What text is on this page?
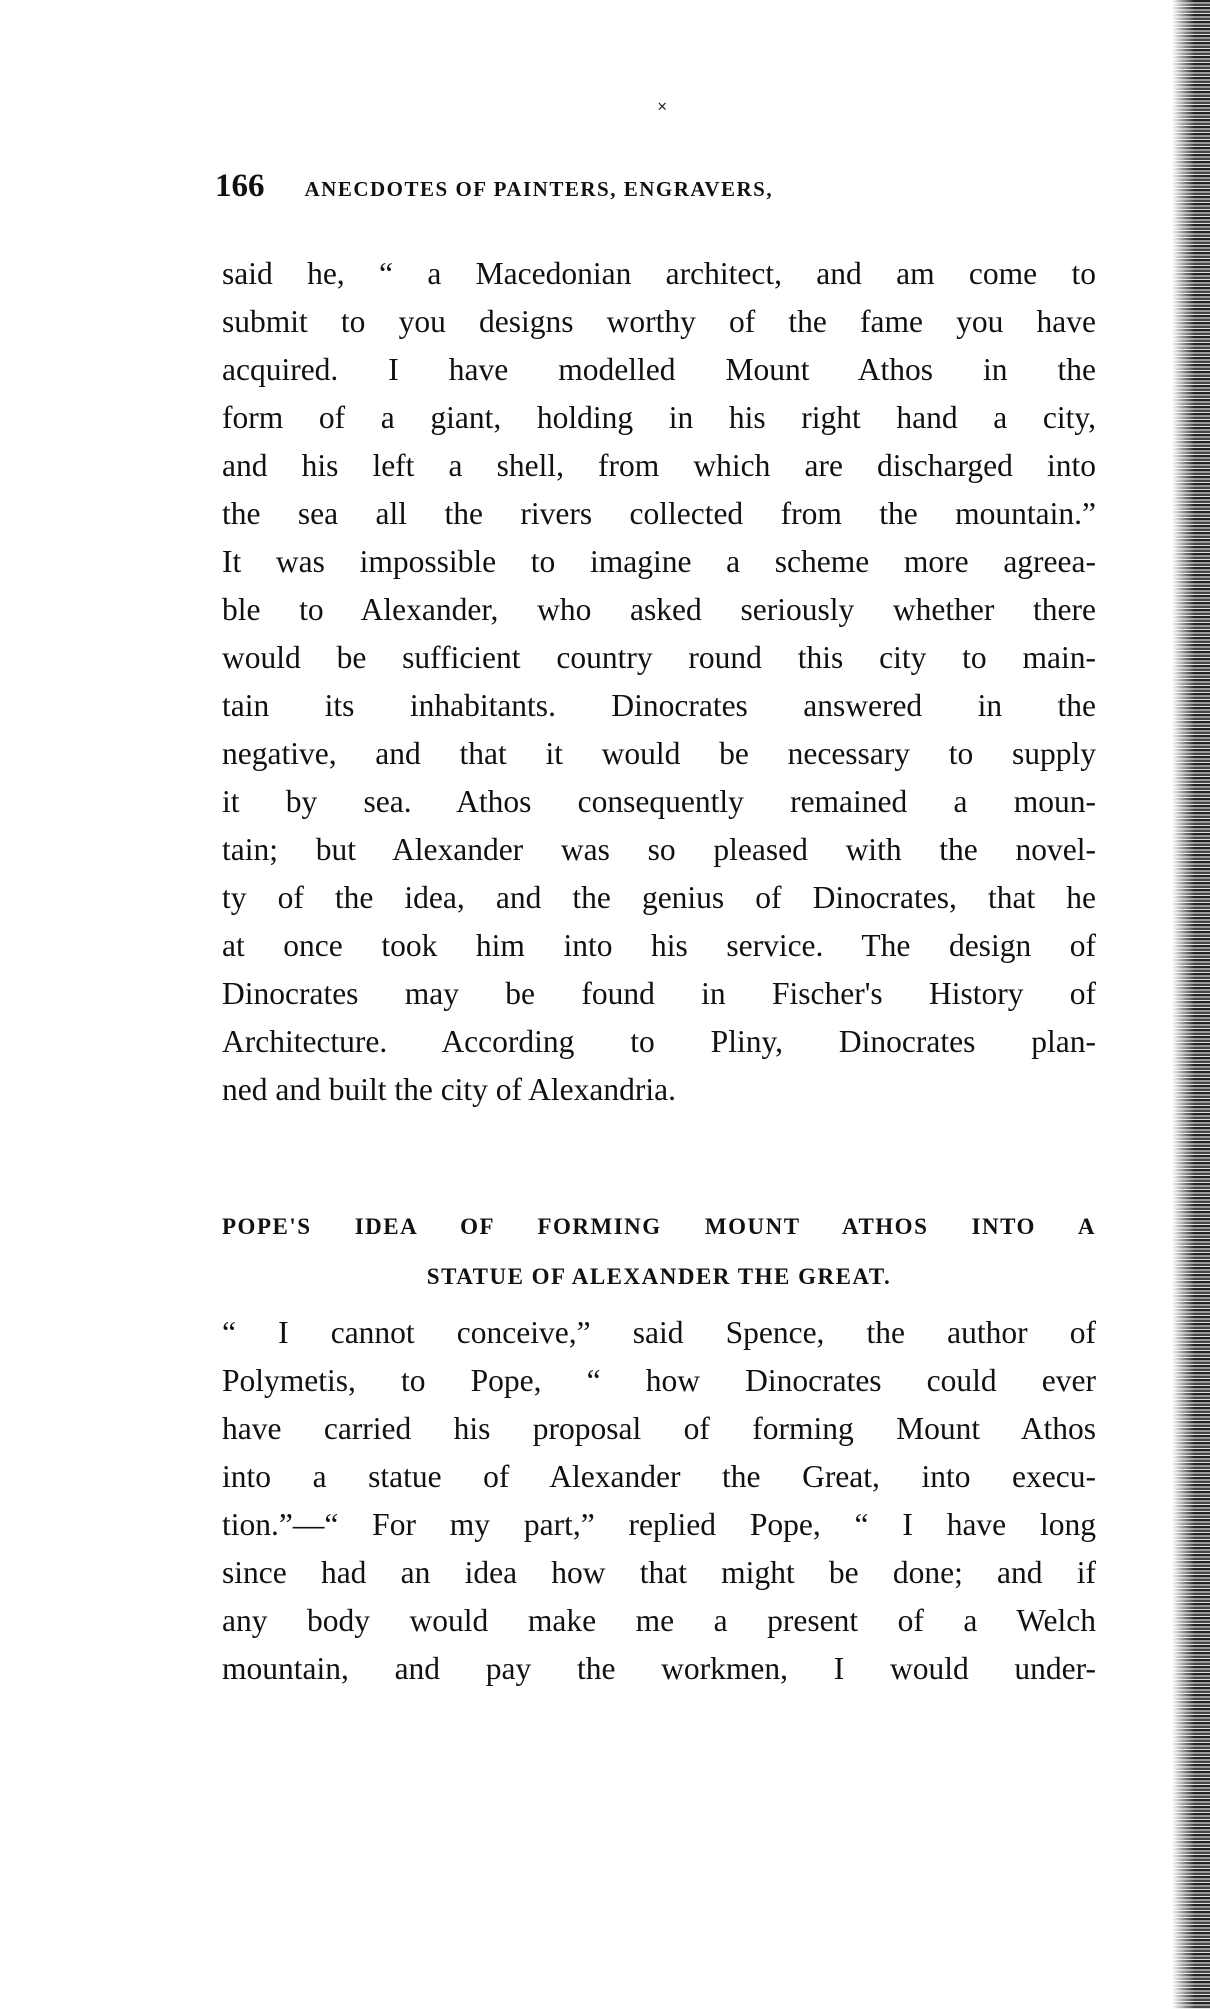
˟
166 ANECDOTES OF PAINTERS, ENGRAVERS,
said he, “ a Macedonian architect, and am come to
submit to you designs worthy of the fame you have
acquired. I have modelled Mount Athos in the
form of a giant, holding in his right hand a city,
and his left a shell, from which are discharged into
the sea all the rivers collected from the mountain.”
It was impossible to imagine a scheme more agreea-
ble to Alexander, who asked seriously whether there
would be sufficient country round this city to main-
tain its inhabitants. Dinocrates answered in the
negative, and that it would be necessary to supply
it by sea. Athos consequently remained a moun-
tain; but Alexander was so pleased with the novel-
ty of the idea, and the genius of Dinocrates, that he
at once took him into his service. The design of
Dinocrates may be found in Fischer's History of
Architecture. According to Pliny, Dinocrates plan-
ned and built the city of Alexandria.
POPE'S IDEA OF FORMING MOUNT ATHOS INTO A
STATUE OF ALEXANDER THE GREAT.
“ I cannot conceive,” said Spence, the author of
Polymetis, to Pope, “ how Dinocrates could ever
have carried his proposal of forming Mount Athos
into a statue of Alexander the Great, into execu-
tion.”—“ For my part,” replied Pope, “ I have long
since had an idea how that might be done; and if
any body would make me a present of a Welch
mountain, and pay the workmen, I would under-
